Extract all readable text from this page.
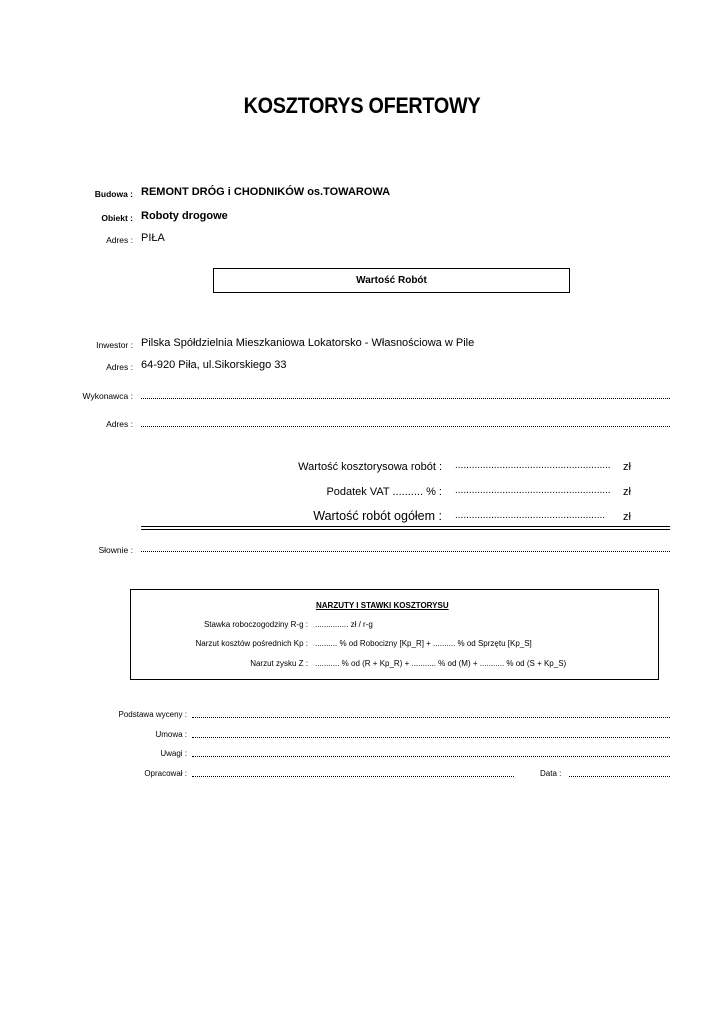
KOSZTORYS OFERTOWY
Budowa : REMONT DRÓG i CHODNIKÓW os.TOWAROWA
Obiekt : Roboty drogowe
Adres : PIŁA
Wartość Robót
Inwestor : Pilska Spółdzielnia Mieszkaniowa Lokatorsko - Własnościowa w Pile
Adres : 64-920 Piła, ul.Sikorskiego 33
Wykonawca :
Adres :
Wartość kosztorysowa robót : ........................................................ zł
Podatek VAT .......... % : ........................................................ zł
Wartość robót ogółem : ...................................................... zł
Słownie :
NARZUTY I STAWKI KOSZTORYSU
Stawka roboczogodziny R-g : ............... zł / r-g
Narzut kosztów pośrednich Kp : .......... % od Robocizny [Kp_R] + .......... % od Sprzętu [Kp_S]
Narzut zysku Z : ........... % od (R + Kp_R) + ........... % od (M) + ........... % od (S + Kp_S)
Podstawa wyceny :
Umowa :
Uwagi :
Opracował :	Data :
